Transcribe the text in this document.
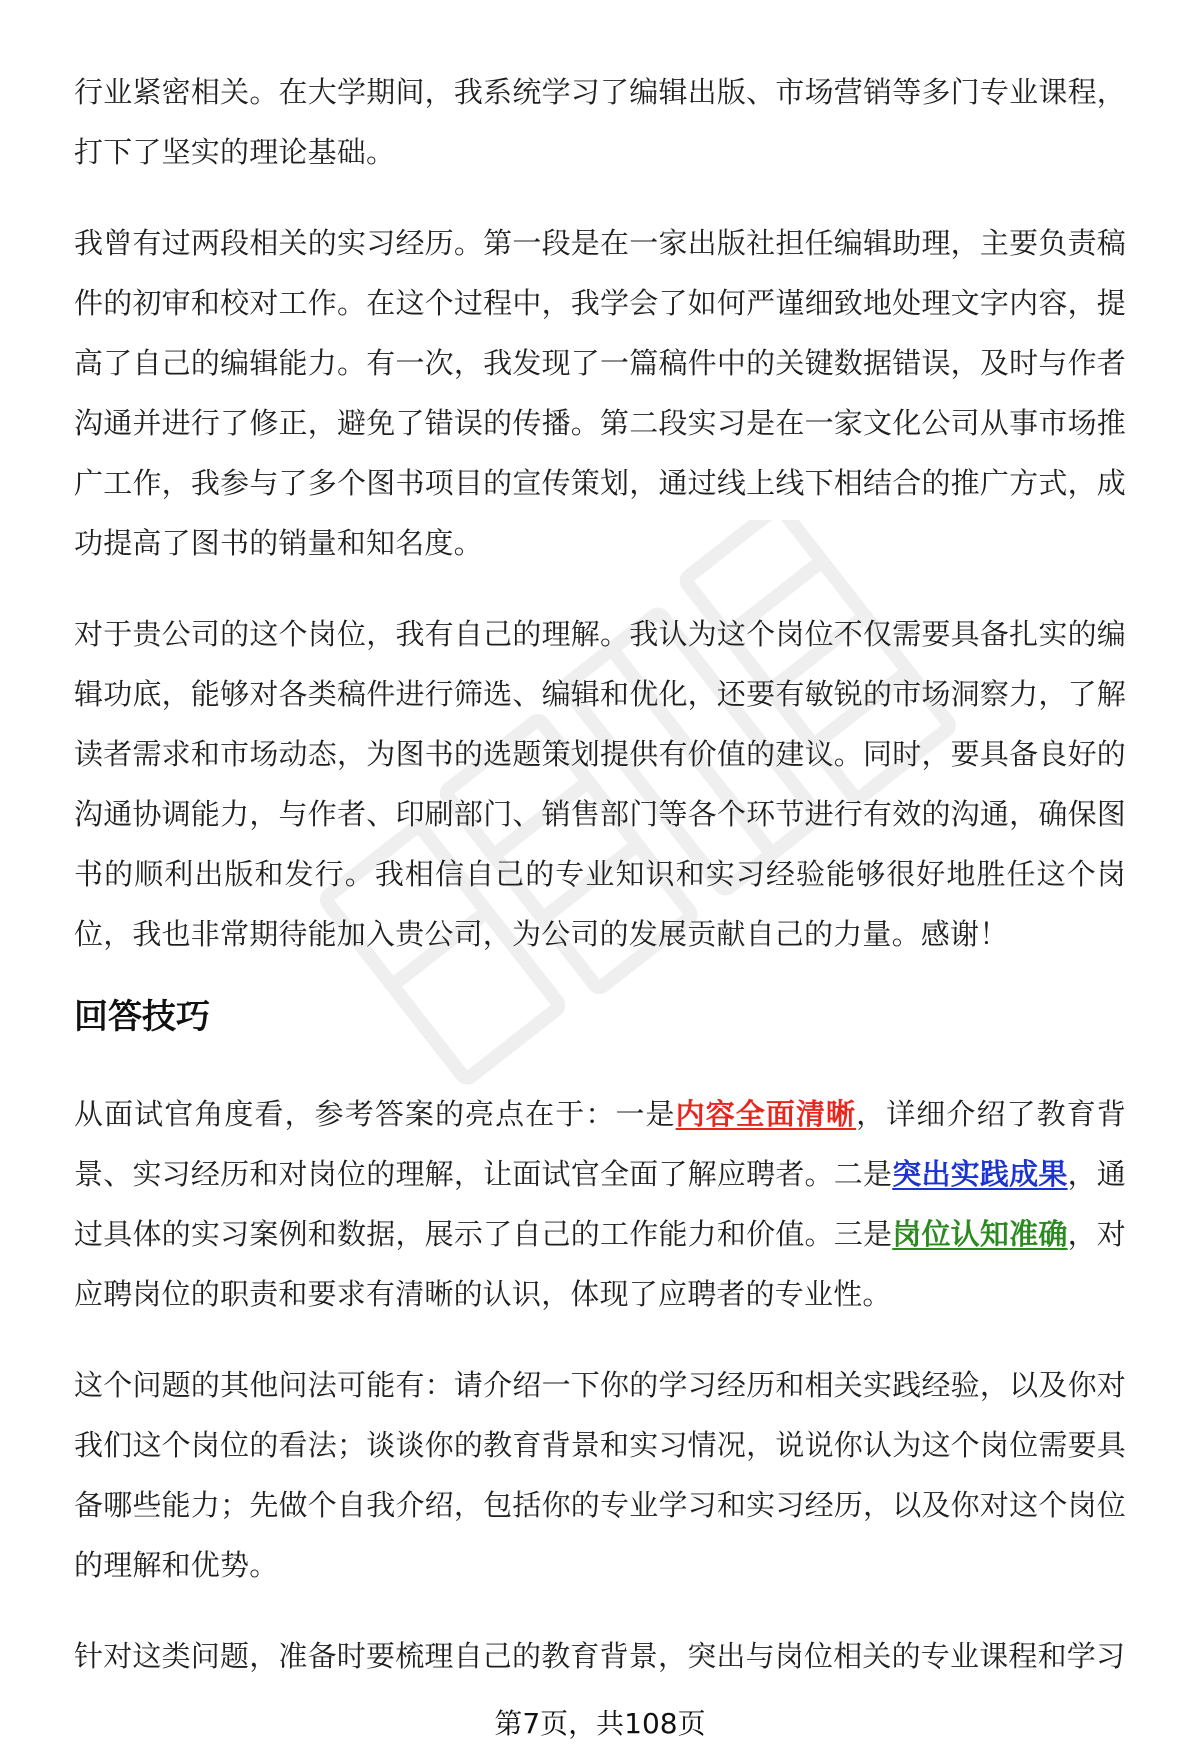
行业紧密相关。在大学期间，我系统学习了编辑出版、市场营销等多门专业课程，打下了坚实的理论基础。

我曾有过两段相关的实习经历。第一段是在一家出版社担任编辑助理，主要负责稿件的初审和校对工作。在这个过程中，我学会了如何严谨细致地处理文字内容，提高了自己的编辑能力。有一次，我发现了一篇稿件中的关键数据错误，及时与作者沟通并进行了修正，避免了错误的传播。第二段实习是在一家文化公司从事市场推广工作，我参与了多个图书项目的宣传策划，通过线上线下相结合的推广方式，成功提高了图书的销量和知名度。

对于贵公司的这个岗位，我有自己的理解。我认为这个岗位不仅需要具备扎实的编辑功底，能够对各类稿件进行筛选、编辑和优化，还要有敏锐的市场洞察力，了解读者需求和市场动态，为图书的选题策划提供有价值的建议。同时，要具备良好的沟通协调能力，与作者、印刷部门、销售部门等各个环节进行有效的沟通，确保图书的顺利出版和发行。我相信自己的专业知识和实习经验能够很好地胜任这个岗位，我也非常期待能加入贵公司，为公司的发展贡献自己的力量。感谢！

回答技巧

从面试官角度看，参考答案的亮点在于：一是内容全面清晰，详细介绍了教育背景、实习经历和对岗位的理解，让面试官全面了解应聘者。二是突出实践成果，通过具体的实习案例和数据，展示了自己的工作能力和价值。三是岗位认知准确，对应聘岗位的职责和要求有清晰的认识，体现了应聘者的专业性。

这个问题的其他问法可能有：请介绍一下你的学习经历和相关实践经验，以及你对我们这个岗位的看法；谈谈你的教育背景和实习情况，说说你认为这个岗位需要具备哪些能力；先做个自我介绍，包括你的专业学习和实习经历，以及你对这个岗位的理解和优势。

针对这类问题，准备时要梳理自己的教育背景，突出与岗位相关的专业课程和学习

第7页，共108页
